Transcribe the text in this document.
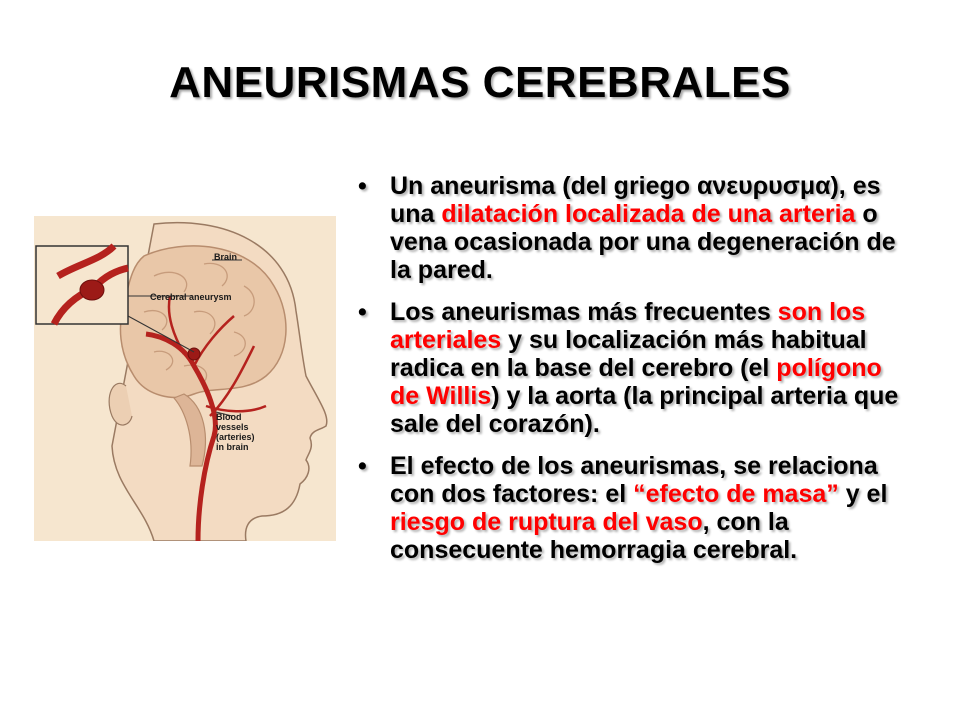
ANEURISMAS CEREBRALES
Brain
Cerebral aneurysm
Blood
vessels
(arteries)
in brain
• Un aneurisma (del griego ανευρυσμα), es una dilatación localizada de una arteria o vena ocasionada por una degeneración de la pared.
• Los aneurismas más frecuentes son los arteriales y su localización más habitual radica en la base del cerebro (el polígono de Willis) y la aorta (la principal arteria que sale del corazón).
• El efecto de los aneurismas, se relaciona con dos factores: el “efecto de masa” y el riesgo de ruptura del vaso, con la consecuente hemorragia cerebral.
